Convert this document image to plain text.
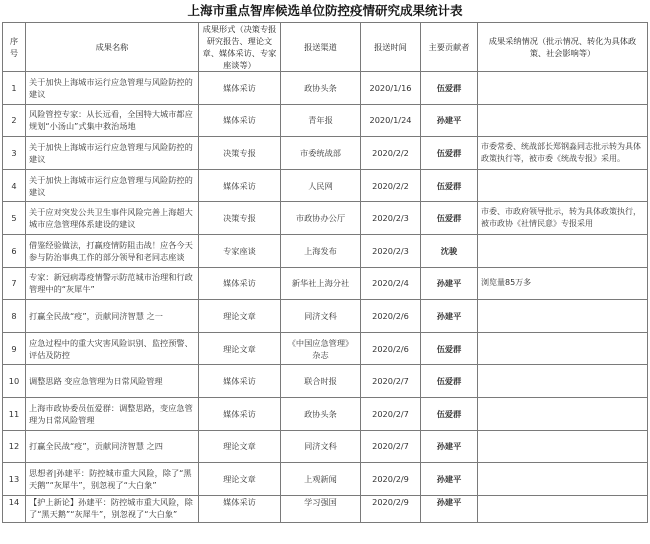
上海市重点智库候选单位防控疫情研究成果统计表
序号	成果名称	成果形式（决策专报研究报告、理论文章、媒体采访、专家座谈等）	报送渠道	报送时间	主要贡献者	成果采纳情况（批示情况、转化为具体政策、社会影响等）
1	关于加快上海城市运行应急管理与风险防控的建议	媒体采访	政协头条	2020/1/16	伍爱群	
2	风险管控专家：从长远看，全国特大城市都应规划“小汤山”式集中救治场地	媒体采访	青年报	2020/1/24	孙建平	
3	关于加快上海城市运行应急管理与风险防控的建议	决策专报	市委统战部	2020/2/2	伍爱群	市委常委、统战部长郑钢淼同志批示转为具体政策执行等，被市委《统战专报》采用。
4	关于加快上海城市运行应急管理与风险防控的建议	媒体采访	人民网	2020/2/2	伍爱群	
5	关于应对突发公共卫生事件风险完善上海超大城市应急管理体系建设的建议	决策专报	市政协办公厅	2020/2/3	伍爱群	市委、市政府领导批示，转为具体政策执行，被市政协《社情民意》专报采用
6	借鉴经验做法，打赢疫情防阻击战！应各今天参与防治事典工作的部分领导和老同志座谈	专家座谈	上海发布	2020/2/3	沈骏	
7	专家：新冠病毒疫情警示防范城市治理和行政管理中的“灰犀牛”	媒体采访	新华社上海分社	2020/2/4	孙建平	浏览量85万多
8	打赢全民战“疫”，贡献同济智慧 之一	理论文章	同济文科	2020/2/6	孙建平	
9	应急过程中的重大灾害风险识别、监控预警、评估及防控	理论文章	《中国应急管理》杂志	2020/2/6	伍爱群	
10	调整思路 变应急管理为日常风险管理	媒体采访	联合时报	2020/2/7	伍爱群	
11	上海市政协委员伍爱群：调整思路，变应急管理为日常风险管理	媒体采访	政协头条	2020/2/7	伍爱群	
12	打赢全民战“疫”，贡献同济智慧 之四	理论文章	同济文科	2020/2/7	孙建平	
13	思想者|孙建平：防控城市重大风险，除了“黑天鹅”“灰犀牛”，别忽视了“大白象”	理论文章	上观新闻	2020/2/9	孙建平	
14	【护上新论】孙建平：防控城市重大风险，除了“黑天鹅”“灰犀牛”，别忽视了“大白象”	媒体采访	学习强国	2020/2/9	孙建平	
